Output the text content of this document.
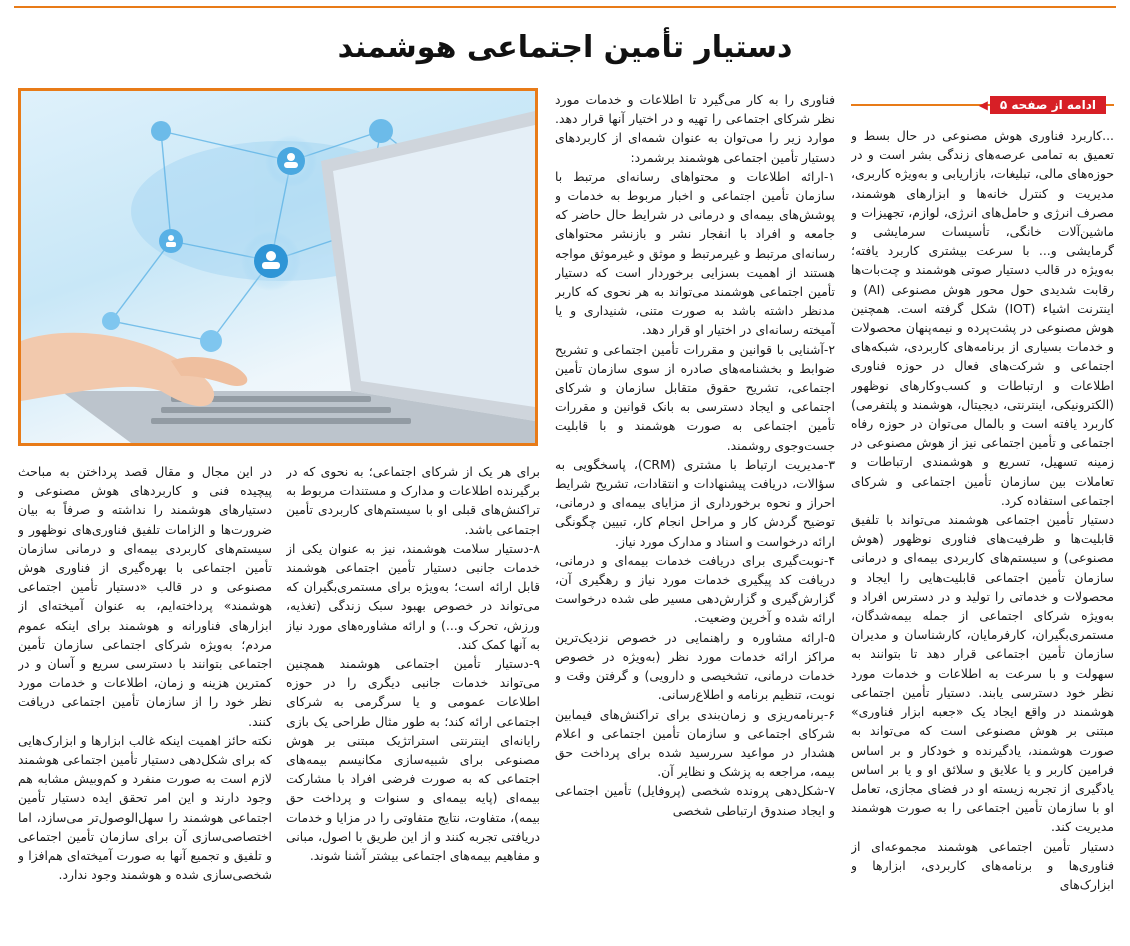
دستیار تأمین اجتماعی هوشمند
ادامه از صفحه ۵
◀

...کاربرد فناوری هوش مصنوعی در حال بسط و تعمیق به تمامی عرصه‌های زندگی بشر است و در حوزه‌های مالی، تبلیغات، بازاریابی و به‌ویژه کاربری، مدیریت و کنترل خانه‌ها و ابزارهای هوشمند، مصرف انرژی و حامل‌های انرژی، لوازم، تجهیزات و ماشین‌آلات خانگی، تأسیسات سرمایشی و گرمایشی و... با سرعت بیشتری کاربرد یافته؛ به‌ویژه در قالب دستیار صوتی هوشمند و چت‌بات‌ها رقابت شدیدی حول محور هوش مصنوعی (AI) و اینترنت اشیاء (IOT) شکل گرفته است. همچنین هوش مصنوعی در پشت‌پرده و نیمه‌پنهان محصولات و خدمات بسیاری از برنامه‌های کاربردی، شبکه‌های اجتماعی و شرکت‌های فعال در حوزه فناوری اطلاعات و ارتباطات و کسب‌وکارهای نوظهور (الکترونیکی، اینترنتی، دیجیتال، هوشمند و پلتفرمی) کاربرد یافته است و بالمال می‌توان در حوزه رفاه اجتماعی و تأمین اجتماعی نیز از هوش مصنوعی در زمینه تسهیل، تسریع و هوشمندی ارتباطات و تعاملات بین سازمان تأمین اجتماعی و شرکای اجتماعی استفاده کرد.

دستیار تأمین اجتماعی هوشمند می‌تواند با تلفیق قابلیت‌ها و ظرفیت‌های فناوری نوظهور (هوش مصنوعی) و سیستم‌های کاربردی بیمه‌ای و درمانی سازمان تأمین اجتماعی قابلیت‌هایی را ایجاد و محصولات و خدماتی را تولید و در دسترس افراد و به‌ویژه شرکای اجتماعی از جمله بیمه‌شدگان، مستمری‌بگیران، کارفرمایان، کارشناسان و مدیران سازمان تأمین اجتماعی قرار دهد تا بتوانند به سهولت و با سرعت به اطلاعات و خدمات مورد نظر خود دسترسی یابند. دستیار تأمین اجتماعی هوشمند در واقع ایجاد یک «جعبه ابزار فناوری» مبتنی بر هوش مصنوعی است که می‌تواند به صورت هوشمند، یادگیرنده و خودکار و بر اساس فرامین کاربر و یا علایق و سلائق او و یا بر اساس یادگیری از تجربه زیسته او در فضای مجازی، تعامل او با سازمان تأمین اجتماعی را به صورت هوشمند مدیریت کند.

دستیار تأمین اجتماعی هوشمند مجموعه‌ای از فناوری‌ها و برنامه‌های کاربردی، ابزارها و ابزارک‌های

فناوری را به کار می‌گیرد تا اطلاعات و خدمات مورد نظر شرکای اجتماعی را تهیه و در اختیار آنها قرار دهد. موارد زیر را می‌توان به عنوان شمه‌ای از کاربردهای دستیار تأمین اجتماعی هوشمند برشمرد:

۱-ارائه اطلاعات و محتواهای رسانه‌ای مرتبط با سازمان تأمین اجتماعی و اخبار مربوط به خدمات و پوشش‌های بیمه‌ای و درمانی در شرایط حال حاضر که جامعه و افراد با انفجار نشر و بازنشر محتواهای رسانه‌ای مرتبط و غیرمرتبط و موثق و غیرموثق مواجه هستند از اهمیت بسزایی برخوردار است که دستیار تأمین اجتماعی هوشمند می‌تواند به هر نحوی که کاربر مدنظر داشته باشد به صورت متنی، شنیداری و یا آمیخته رسانه‌ای در اختیار او قرار دهد.

۲-آشنایی با قوانین و مقررات تأمین اجتماعی و تشریح ضوابط و بخشنامه‌های صادره از سوی سازمان تأمین اجتماعی، تشریح حقوق متقابل سازمان و شرکای اجتماعی و ایجاد دسترسی به بانک قوانین و مقررات تأمین اجتماعی به صورت هوشمند و با قابلیت جست‌وجوی روشمند.

۳-مدیریت ارتباط با مشتری (CRM)، پاسخگویی به سؤالات، دریافت پیشنهادات و انتقادات، تشریح شرایط احراز و نحوه برخورداری از مزایای بیمه‌ای و درمانی، توضیح گردش کار و مراحل انجام کار، تبیین چگونگی ارائه درخواست و اسناد و مدارک مورد نیاز.

۴-نوبت‌گیری برای دریافت خدمات بیمه‌ای و درمانی، دریافت کد پیگیری خدمات مورد نیاز و رهگیری آن، گزارش‌گیری و گزارش‌دهی مسیر طی شده درخواست ارائه شده و آخرین وضعیت.

۵-ارائه مشاوره و راهنمایی در خصوص نزدیک‌ترین مراکز ارائه خدمات مورد نظر (به‌ویژه در خصوص خدمات درمانی، تشخیصی و دارویی) و گرفتن وقت و نوبت، تنظیم برنامه و اطلاع‌رسانی.

۶-برنامه‌ریزی و زمان‌بندی برای تراکنش‌های فیمابین شرکای اجتماعی و سازمان تأمین اجتماعی و اعلام هشدار در مواعید سررسید شده برای پرداخت حق بیمه، مراجعه به پزشک و نظایر آن.

۷-شکل‌دهی پرونده شخصی (پروفایل) تأمین اجتماعی و ایجاد صندوق ارتباطی شخصی

برای هر یک از شرکای اجتماعی؛ به نحوی که در برگیرنده اطلاعات و مدارک و مستندات مربوط به تراکنش‌های قبلی او با سیستم‌های کاربردی تأمین اجتماعی باشد.

۸-دستیار سلامت هوشمند، نیز به عنوان یکی از خدمات جانبی دستیار تأمین اجتماعی هوشمند قابل ارائه است؛ به‌ویژه برای مستمری‌بگیران که می‌تواند در خصوص بهبود سبک زندگی (تغذیه، ورزش، تحرک و...) و ارائه مشاوره‌های مورد نیاز به آنها کمک کند.

۹-دستیار تأمین اجتماعی هوشمند همچنین می‌تواند خدمات جانبی دیگری را در حوزه اطلاعات عمومی و یا سرگرمی به شرکای اجتماعی ارائه کند؛ به طور مثال طراحی یک بازی رایانه‌ای اینترنتی استراتژیک مبتنی بر هوش مصنوعی برای شبیه‌سازی مکانیسم بیمه‌های اجتماعی که به صورت فرضی افراد با مشارکت بیمه‌ای (پایه بیمه‌ای و سنوات و پرداخت حق بیمه)، متفاوت، نتایج متفاوتی را در مزایا و خدمات دریافتی تجربه کنند و از این طریق با اصول، مبانی و مفاهیم بیمه‌های اجتماعی بیشتر آشنا شوند.

در این مجال و مقال قصد پرداختن به مباحث پیچیده فنی و کاربردهای هوش مصنوعی و دستیارهای هوشمند را نداشته و صرفاً به بیان ضرورت‌ها و الزامات تلفیق فناوری‌های نوظهور و سیستم‌های کاربردی بیمه‌ای و درمانی سازمان تأمین اجتماعی با بهره‌گیری از فناوری هوش مصنوعی و در قالب «دستیار تأمین اجتماعی هوشمند» پرداخته‌ایم، به عنوان آمیخته‌ای از ابزارهای فناورانه و هوشمند برای اینکه عموم مردم؛ به‌ویژه شرکای اجتماعی سازمان تأمین اجتماعی بتوانند با دسترسی سریع و آسان و در کمترین هزینه و زمان، اطلاعات و خدمات مورد نظر خود را از سازمان تأمین اجتماعی دریافت کنند.

نکته حائز اهمیت اینکه غالب ابزارها و ابزارک‌هایی که برای شکل‌دهی دستیار تأمین اجتماعی هوشمند لازم است به صورت منفرد و کم‌وبیش مشابه هم وجود دارند و این امر تحقق ایده دستیار تأمین اجتماعی هوشمند را سهل‌الوصول‌تر می‌سازد، اما اختصاصی‌سازی آن برای سازمان تأمین اجتماعی و تلفیق و تجمیع آنها به صورت آمیخته‌ای هم‌افزا و شخصی‌سازی شده و هوشمند وجود ندارد.
